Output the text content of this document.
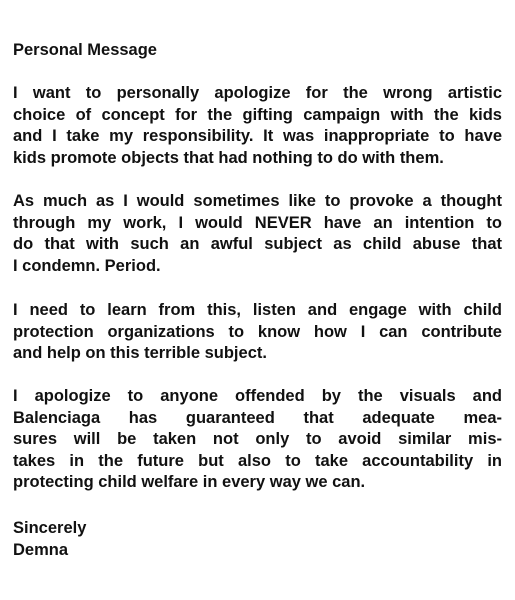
Personal Message
I want to personally apologize for the wrong artistic
choice of concept for the gifting campaign with the kids
and I take my responsibility. It was inappropriate to have
kids promote objects that had nothing to do with them.
As much as I would sometimes like to provoke a thought
through my work, I would NEVER have an intention to
do that with such an awful subject as child abuse that
I condemn. Period.
I need to learn from this, listen and engage with child
protection organizations to know how I can contribute
and help on this terrible subject.
I apologize to anyone offended by the visuals and
Balenciaga has guaranteed that adequate mea-
sures will be taken not only to avoid similar mis-
takes in the future but also to take accountability in
protecting child welfare in every way we can.
Sincerely
Demna
